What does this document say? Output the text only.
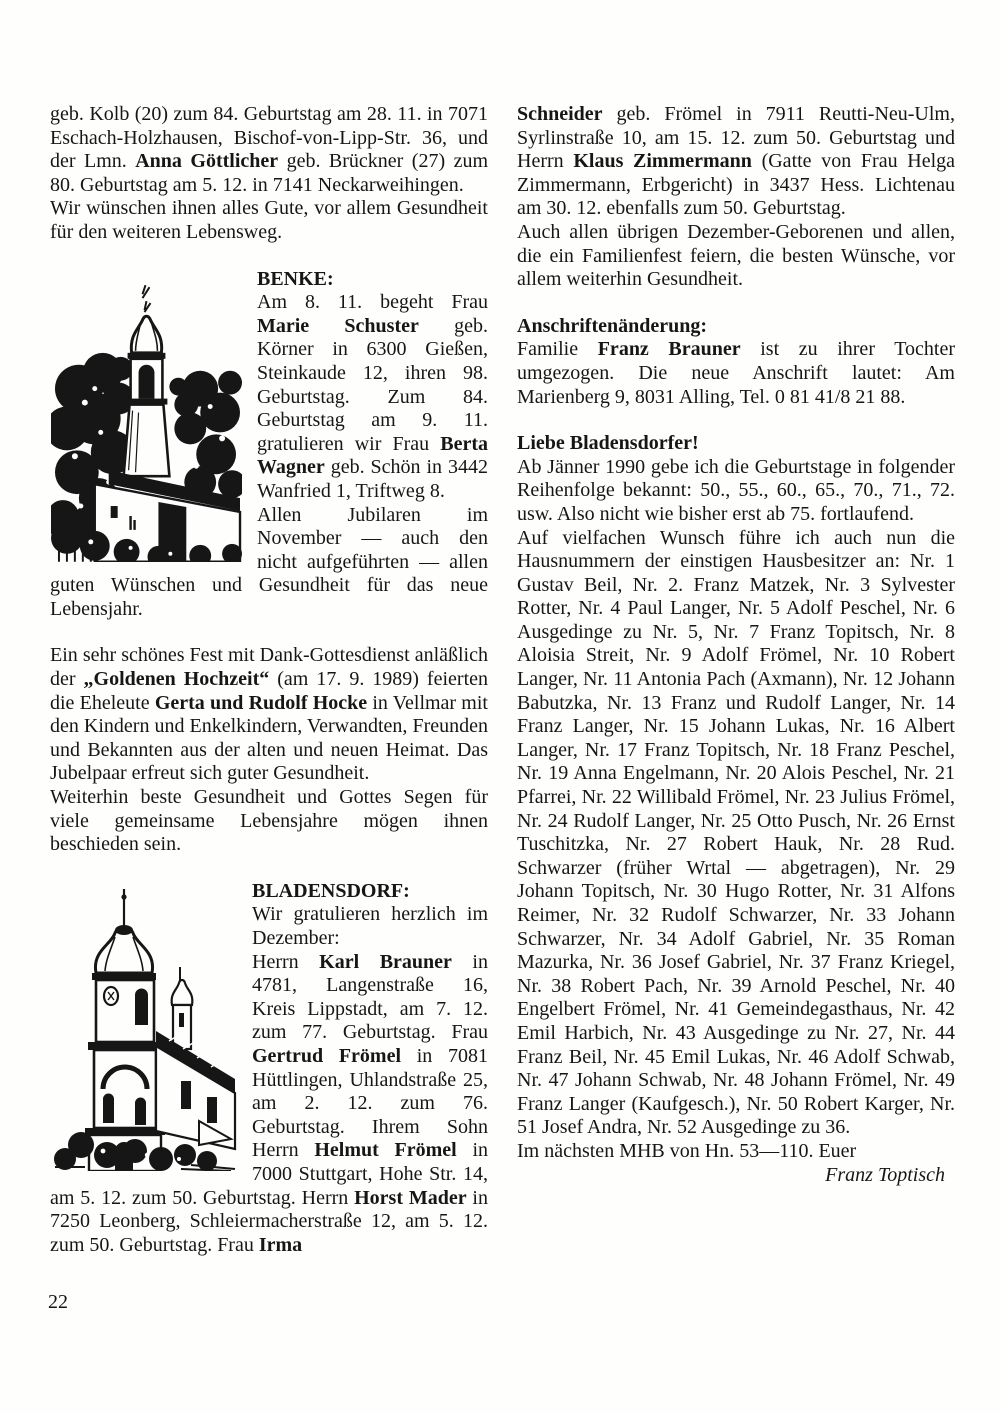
geb. Kolb (20) zum 84. Geburtstag am 28. 11. in 7071 Eschach-Holzhausen, Bischof-von-Lipp-Str. 36, und der Lmn. Anna Göttlicher geb. Brückner (27) zum 80. Geburtstag am 5. 12. in 7141 Neckarweihingen.

Wir wünschen ihnen alles Gute, vor allem Gesundheit für den weiteren Lebensweg.

BENKE:

Am 8. 11. begeht Frau Marie Schuster geb. Körner in 6300 Gießen, Steinkaude 12, ihren 98. Geburtstag. Zum 84. Geburtstag am 9. 11. gratulieren wir Frau Berta Wagner geb. Schön in 3442 Wanfried 1, Triftweg 8.

Allen Jubilaren im November — auch den nicht aufgeführten — allen guten Wünschen und Gesundheit für das neue Lebensjahr.

Ein sehr schönes Fest mit Dank-Gottesdienst anläßlich der „Goldenen Hochzeit“ (am 17. 9. 1989) feierten die Eheleute Gerta und Rudolf Hocke in Vellmar mit den Kindern und Enkelkindern, Verwandten, Freunden und Bekannten aus der alten und neuen Heimat. Das Jubelpaar erfreut sich guter Gesundheit.

Weiterhin beste Gesundheit und Gottes Segen für viele gemeinsame Lebensjahre mögen ihnen beschieden sein.

BLADENSDORF:

Wir gratulieren herzlich im Dezember:

Herrn Karl Brauner in 4781, Langenstraße 16, Kreis Lippstadt, am 7. 12. zum 77. Geburtstag. Frau Gertrud Frömel in 7081 Hüttlingen, Uhlandstraße 25, am 2. 12. zum 76. Geburtstag. Ihrem Sohn Herrn Helmut Frömel in 7000 Stuttgart, Hohe Str. 14, am 5. 12. zum 50. Geburtstag. Herrn Horst Mader in 7250 Leonberg, Schleiermacherstraße 12, am 5. 12. zum 50. Geburtstag. Frau Irma

Schneider geb. Frömel in 7911 Reutti-Neu-Ulm, Syrlinstraße 10, am 15. 12. zum 50. Geburtstag und Herrn Klaus Zimmermann (Gatte von Frau Helga Zimmermann, Erbgericht) in 3437 Hess. Lichtenau am 30. 12. ebenfalls zum 50. Geburtstag.

Auch allen übrigen Dezember-Geborenen und allen, die ein Familienfest feiern, die besten Wünsche, vor allem weiterhin Gesundheit.

Anschriftenänderung:

Familie Franz Brauner ist zu ihrer Tochter umgezogen. Die neue Anschrift lautet: Am Marienberg 9, 8031 Alling, Tel. 0 81 41/8 21 88.

Liebe Bladensdorfer!

Ab Jänner 1990 gebe ich die Geburtstage in folgender Reihenfolge bekannt: 50., 55., 60., 65., 70., 71., 72. usw. Also nicht wie bisher erst ab 75. fortlaufend.

Auf vielfachen Wunsch führe ich auch nun die Hausnummern der einstigen Hausbesitzer an: Nr. 1 Gustav Beil, Nr. 2. Franz Matzek, Nr. 3 Sylvester Rotter, Nr. 4 Paul Langer, Nr. 5 Adolf Peschel, Nr. 6 Ausgedinge zu Nr. 5, Nr. 7 Franz Topitsch, Nr. 8 Aloisia Streit, Nr. 9 Adolf Frömel, Nr. 10 Robert Langer, Nr. 11 Antonia Pach (Axmann), Nr. 12 Johann Babutzka, Nr. 13 Franz und Rudolf Langer, Nr. 14 Franz Langer, Nr. 15 Johann Lukas, Nr. 16 Albert Langer, Nr. 17 Franz Topitsch, Nr. 18 Franz Peschel, Nr. 19 Anna Engelmann, Nr. 20 Alois Peschel, Nr. 21 Pfarrei, Nr. 22 Willibald Frömel, Nr. 23 Julius Frömel, Nr. 24 Rudolf Langer, Nr. 25 Otto Pusch, Nr. 26 Ernst Tuschitzka, Nr. 27 Robert Hauk, Nr. 28 Rud. Schwarzer (früher Wrtal — abgetragen), Nr. 29 Johann Topitsch, Nr. 30 Hugo Rotter, Nr. 31 Alfons Reimer, Nr. 32 Rudolf Schwarzer, Nr. 33 Johann Schwarzer, Nr. 34 Adolf Gabriel, Nr. 35 Roman Mazurka, Nr. 36 Josef Gabriel, Nr. 37 Franz Kriegel, Nr. 38 Robert Pach, Nr. 39 Arnold Peschel, Nr. 40 Engelbert Frömel, Nr. 41 Gemeindegasthaus, Nr. 42 Emil Harbich, Nr. 43 Ausgedinge zu Nr. 27, Nr. 44 Franz Beil, Nr. 45 Emil Lukas, Nr. 46 Adolf Schwab, Nr. 47 Johann Schwab, Nr. 48 Johann Frömel, Nr. 49 Franz Langer (Kaufgesch.), Nr. 50 Robert Karger, Nr. 51 Josef Andra, Nr. 52 Ausgedinge zu 36.

Im nächsten MHB von Hn. 53—110. Euer

Franz Toptisch

22
